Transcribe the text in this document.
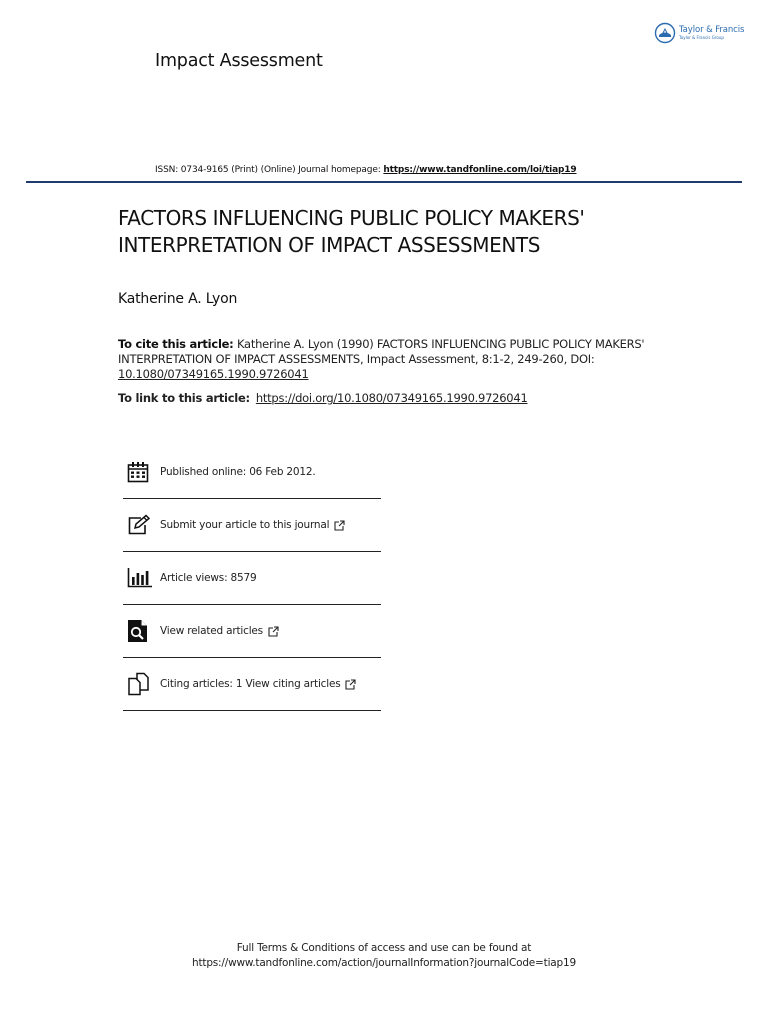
Taylor & Francis
Taylor & Francis Group
Impact Assessment
ISSN: 0734-9165 (Print) (Online) Journal homepage: https://www.tandfonline.com/loi/tiap19
FACTORS INFLUENCING PUBLIC POLICY MAKERS'
INTERPRETATION OF IMPACT ASSESSMENTS
Katherine A. Lyon
To cite this article: Katherine A. Lyon (1990) FACTORS INFLUENCING PUBLIC POLICY MAKERS' INTERPRETATION OF IMPACT ASSESSMENTS, Impact Assessment, 8:1-2, 249-260, DOI: 10.1080/07349165.1990.9726041
To link to this article: https://doi.org/10.1080/07349165.1990.9726041
Published online: 06 Feb 2012.
Submit your article to this journal
Article views: 8579
View related articles
Citing articles: 1 View citing articles
Full Terms & Conditions of access and use can be found at
https://www.tandfonline.com/action/journalInformation?journalCode=tiap19
